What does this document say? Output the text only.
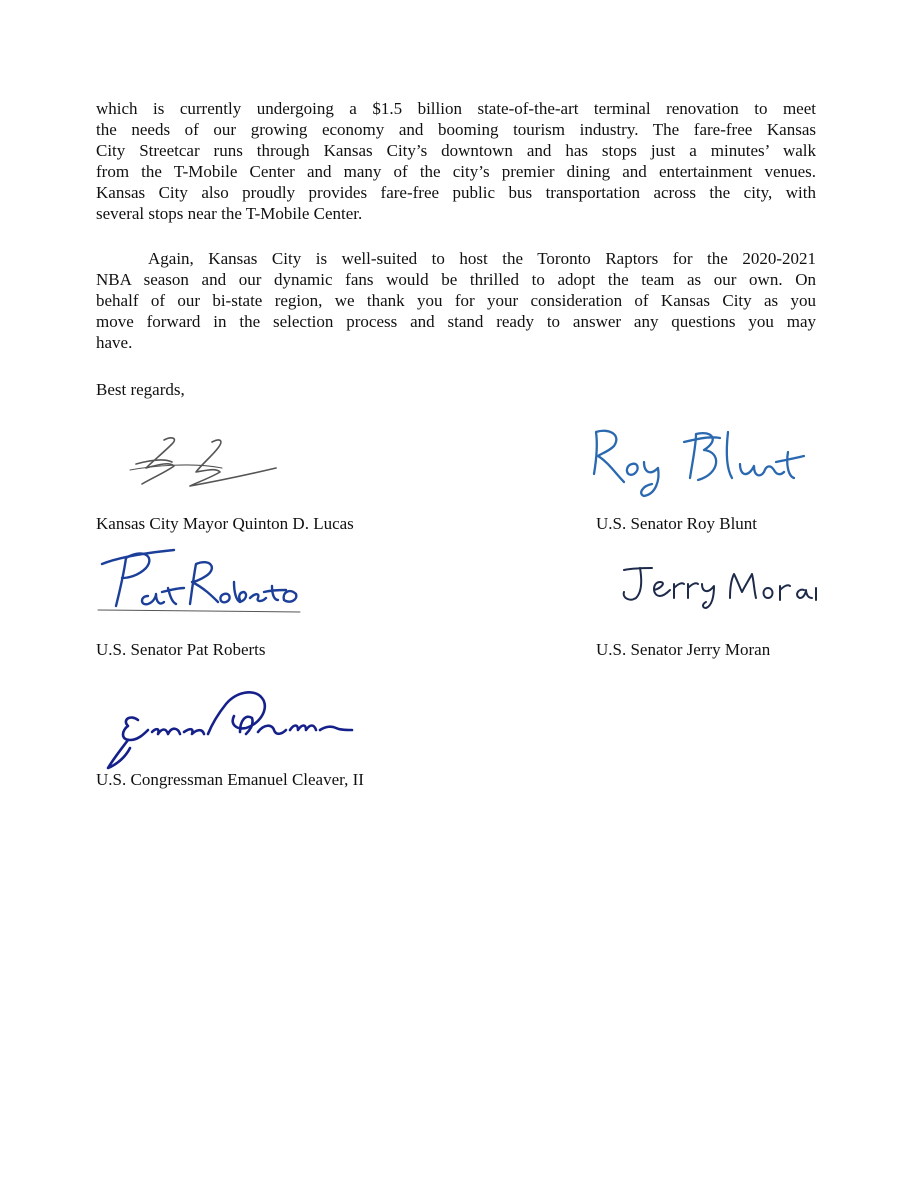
which is currently undergoing a $1.5 billion state-of-the-art terminal renovation to meet
the needs of our growing economy and booming tourism industry. The fare-free Kansas
City Streetcar runs through Kansas City’s downtown and has stops just a minutes’ walk
from the T-Mobile Center and many of the city’s premier dining and entertainment venues.
Kansas City also proudly provides fare-free public bus transportation across the city, with
several stops near the T-Mobile Center.
Again, Kansas City is well-suited to host the Toronto Raptors for the 2020-2021
NBA season and our dynamic fans would be thrilled to adopt the team as our own. On
behalf of our bi-state region, we thank you for your consideration of Kansas City as you
move forward in the selection process and stand ready to answer any questions you may
have.
Best regards,
Kansas City Mayor Quinton D. Lucas	U.S. Senator Roy Blunt
U.S. Senator Pat Roberts	U.S. Senator Jerry Moran
U.S. Congressman Emanuel Cleaver, II
